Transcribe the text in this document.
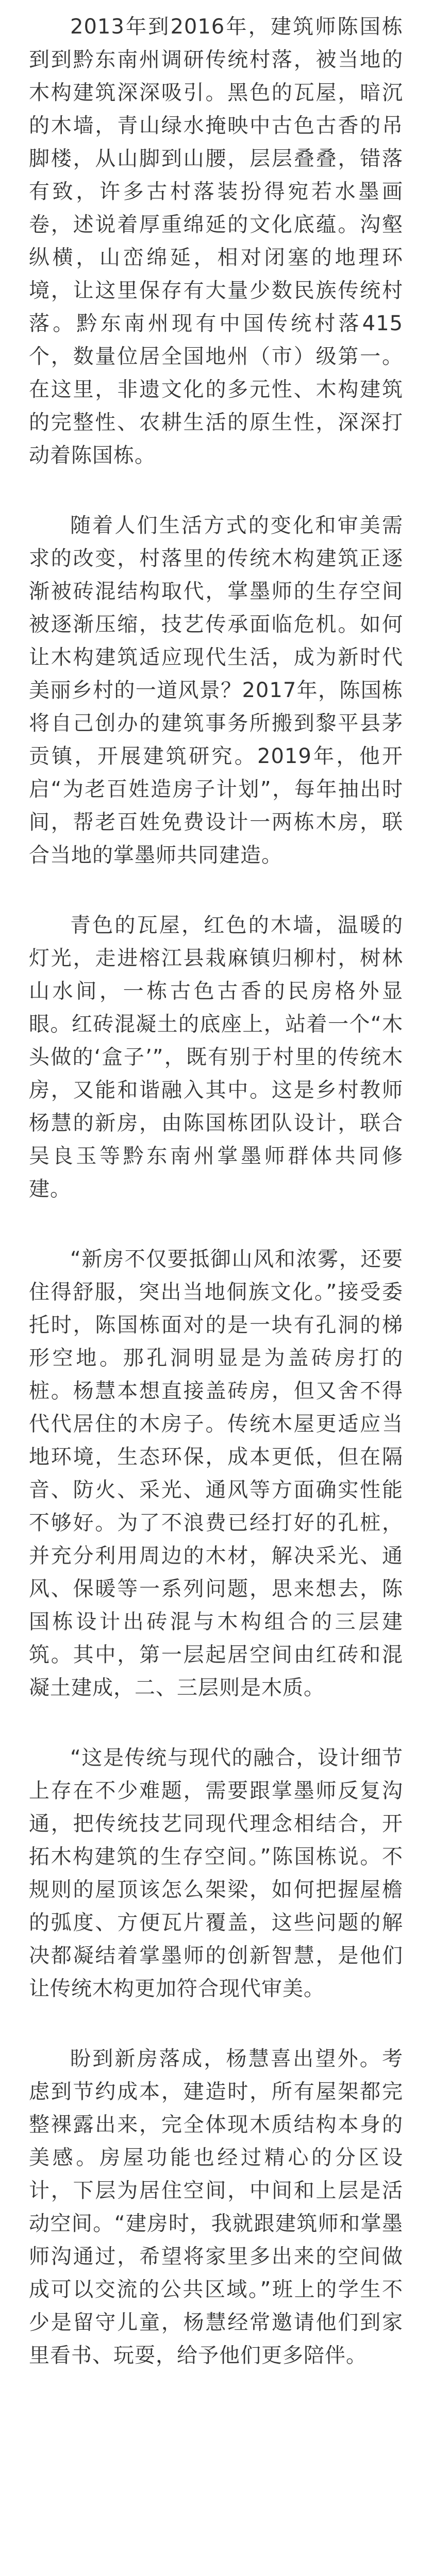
2013年到2016年，建筑师陈国栋到到黔东南州调研传统村落，被当地的木构建筑深深吸引。黑色的瓦屋，暗沉的木墙，青山绿水掩映中古色古香的吊脚楼，从山脚到山腰，层层叠叠，错落有致，许多古村落装扮得宛若水墨画卷，述说着厚重绵延的文化底蕴。沟壑纵横，山峦绵延，相对闭塞的地理环境，让这里保存有大量少数民族传统村落。黔东南州现有中国传统村落415个，数量位居全国地州（市）级第一。在这里，非遗文化的多元性、木构建筑的完整性、农耕生活的原生性，深深打动着陈国栋。

随着人们生活方式的变化和审美需求的改变，村落里的传统木构建筑正逐渐被砖混结构取代，掌墨师的生存空间被逐渐压缩，技艺传承面临危机。如何让木构建筑适应现代生活，成为新时代美丽乡村的一道风景？2017年，陈国栋将自己创办的建筑事务所搬到黎平县茅贡镇，开展建筑研究。2019年，他开启“为老百姓造房子计划”，每年抽出时间，帮老百姓免费设计一两栋木房，联合当地的掌墨师共同建造。

青色的瓦屋，红色的木墙，温暖的灯光，走进榕江县栽麻镇归柳村，树林山水间，一栋古色古香的民房格外显眼。红砖混凝土的底座上，站着一个“木头做的‘盒子’”，既有别于村里的传统木房，又能和谐融入其中。这是乡村教师杨慧的新房，由陈国栋团队设计，联合吴良玉等黔东南州掌墨师群体共同修建。

“新房不仅要抵御山风和浓雾，还要住得舒服，突出当地侗族文化。”接受委托时，陈国栋面对的是一块有孔洞的梯形空地。那孔洞明显是为盖砖房打的桩。杨慧本想直接盖砖房，但又舍不得代代居住的木房子。传统木屋更适应当地环境，生态环保，成本更低，但在隔音、防火、采光、通风等方面确实性能不够好。为了不浪费已经打好的孔桩，并充分利用周边的木材，解决采光、通风、保暖等一系列问题，思来想去，陈国栋设计出砖混与木构组合的三层建筑。其中，第一层起居空间由红砖和混凝土建成，二、三层则是木质。

“这是传统与现代的融合，设计细节上存在不少难题，需要跟掌墨师反复沟通，把传统技艺同现代理念相结合，开拓木构建筑的生存空间。”陈国栋说。不规则的屋顶该怎么架梁，如何把握屋檐的弧度、方便瓦片覆盖，这些问题的解决都凝结着掌墨师的创新智慧，是他们让传统木构更加符合现代审美。

盼到新房落成，杨慧喜出望外。考虑到节约成本，建造时，所有屋架都完整裸露出来，完全体现木质结构本身的美感。房屋功能也经过精心的分区设计，下层为居住空间，中间和上层是活动空间。“建房时，我就跟建筑师和掌墨师沟通过，希望将家里多出来的空间做成可以交流的公共区域。”班上的学生不少是留守儿童，杨慧经常邀请他们到家里看书、玩耍，给予他们更多陪伴。
